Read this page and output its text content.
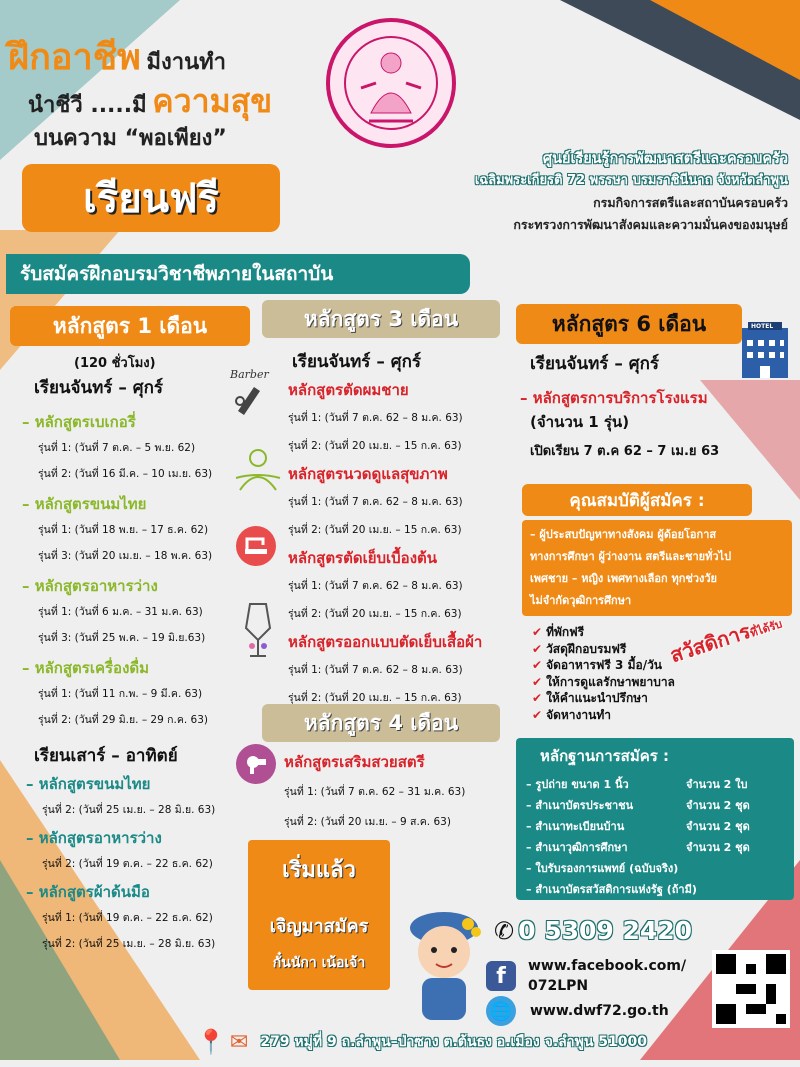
ฝึกอาชีพ มีงานทำ
นำชีวี .....มี ความสุข
บนความ “พอเพียง”
เรียนฟรี
ศูนย์เรียนรู้การพัฒนาสตรีและครอบครัว
เฉลิมพระเกียรติ 72 พรรษา บรมราชินีนาถ จังหวัดลำพูน
กรมกิจการสตรีและสถาบันครอบครัว
กระทรวงการพัฒนาสังคมและความมั่นคงของมนุษย์
รับสมัครฝึกอบรมวิชาชีพภายในสถาบัน
หลักสูตร 1 เดือน
(120 ชั่วโมง)
เรียนจันทร์ – ศุกร์
– หลักสูตรเบเกอรี่
รุ่นที่ 1: (วันที่ 7 ต.ค. – 5 พ.ย. 62)
รุ่นที่ 2: (วันที่ 16 มี.ค. – 10 เม.ย. 63)
– หลักสูตรขนมไทย
รุ่นที่ 1: (วันที่ 18 พ.ย. – 17 ธ.ค. 62)
รุ่นที่ 3: (วันที่ 20 เม.ย. – 18 พ.ค. 63)
– หลักสูตรอาหารว่าง
รุ่นที่ 1: (วันที่ 6 ม.ค. – 31 ม.ค. 63)
รุ่นที่ 3: (วันที่ 25 พ.ค. – 19 มิ.ย.63)
– หลักสูตรเครื่องดื่ม
รุ่นที่ 1: (วันที่ 11 ก.พ. – 9 มี.ค. 63)
รุ่นที่ 2: (วันที่ 29 มิ.ย. – 29 ก.ค. 63)
เรียนเสาร์ – อาทิตย์
– หลักสูตรขนมไทย
รุ่นที่ 2: (วันที่ 25 เม.ย. – 28 มิ.ย. 63)
– หลักสูตรอาหารว่าง
รุ่นที่ 2: (วันที่ 19 ต.ค. – 22 ธ.ค. 62)
– หลักสูตรผ้าด้นมือ
รุ่นที่ 1: (วันที่ 19 ต.ค. – 22 ธ.ค. 62)
รุ่นที่ 2: (วันที่ 25 เม.ย. – 28 มิ.ย. 63)
หลักสูตร 3 เดือน
เรียนจันทร์ – ศุกร์
Barber
หลักสูตรตัดผมชาย
รุ่นที่ 1: (วันที่ 7 ต.ค. 62 – 8 ม.ค. 63)
รุ่นที่ 2: (วันที่ 20 เม.ย. – 15 ก.ค. 63)
หลักสูตรนวดดูแลสุขภาพ
รุ่นที่ 1: (วันที่ 7 ต.ค. 62 – 8 ม.ค. 63)
รุ่นที่ 2: (วันที่ 20 เม.ย. – 15 ก.ค. 63)
หลักสูตรตัดเย็บเบื้องต้น
รุ่นที่ 1: (วันที่ 7 ต.ค. 62 – 8 ม.ค. 63)
รุ่นที่ 2: (วันที่ 20 เม.ย. – 15 ก.ค. 63)
หลักสูตรออกแบบตัดเย็บเสื้อผ้า
รุ่นที่ 1: (วันที่ 7 ต.ค. 62 – 8 ม.ค. 63)
รุ่นที่ 2: (วันที่ 20 เม.ย. – 15 ก.ค. 63)
หลักสูตร 4 เดือน
หลักสูตรเสริมสวยสตรี
รุ่นที่ 1: (วันที่ 7 ต.ค. 62 – 31 ม.ค. 63)
รุ่นที่ 2: (วันที่ 20 เม.ย. – 9 ส.ค. 63)
หลักสูตร 6 เดือน	HOTEL
เรียนจันทร์ – ศุกร์
– หลักสูตรการบริการโรงแรม
(จำนวน 1 รุ่น)
เปิดเรียน 7 ต.ค 62 – 7 เม.ย 63
คุณสมบัติผู้สมัคร :
– ผู้ประสบปัญหาทางสังคม ผู้ด้อยโอกาส
ทางการศึกษา ผู้ว่างงาน สตรีและชายทั่วไป
เพศชาย – หญิง เพศทางเลือก ทุกช่วงวัย
ไม่จำกัดวุฒิการศึกษา
✔ ที่พักฟรี
✔ วัสดุฝึกอบรมฟรี
✔ จัดอาหารฟรี 3 มื้อ/วัน
✔ ให้การดูแลรักษาพยาบาล
✔ ให้คำแนะนำปรึกษา
✔ จัดหางานทำ
สวัสดิการที่ได้รับ
หลักฐานการสมัคร :
– รูปถ่าย ขนาด 1 นิ้ว	จำนวน 2 ใบ
– สำเนาบัตรประชาชน	จำนวน 2 ชุด
– สำเนาทะเบียนบ้าน	จำนวน 2 ชุด
– สำเนาวุฒิการศึกษา	จำนวน 2 ชุด
– ใบรับรองการแพทย์ (ฉบับจริง)
– สำเนาบัตรสวัสดิการแห่งรัฐ (ถ้ามี)
เริ่มแล้ว
เจิญมาสมัคร
กั๋นนักา เน้อเจ้า
✆ 0 5309 2420
f	www.facebook.com/
072LPN
🌐 www.dwf72.go.th
📍 ✉ 279 หมู่ที่ 9 ถ.ลำพูน–ป่าซาง ต.ต้นธง อ.เมือง จ.ลำพูน 51000
